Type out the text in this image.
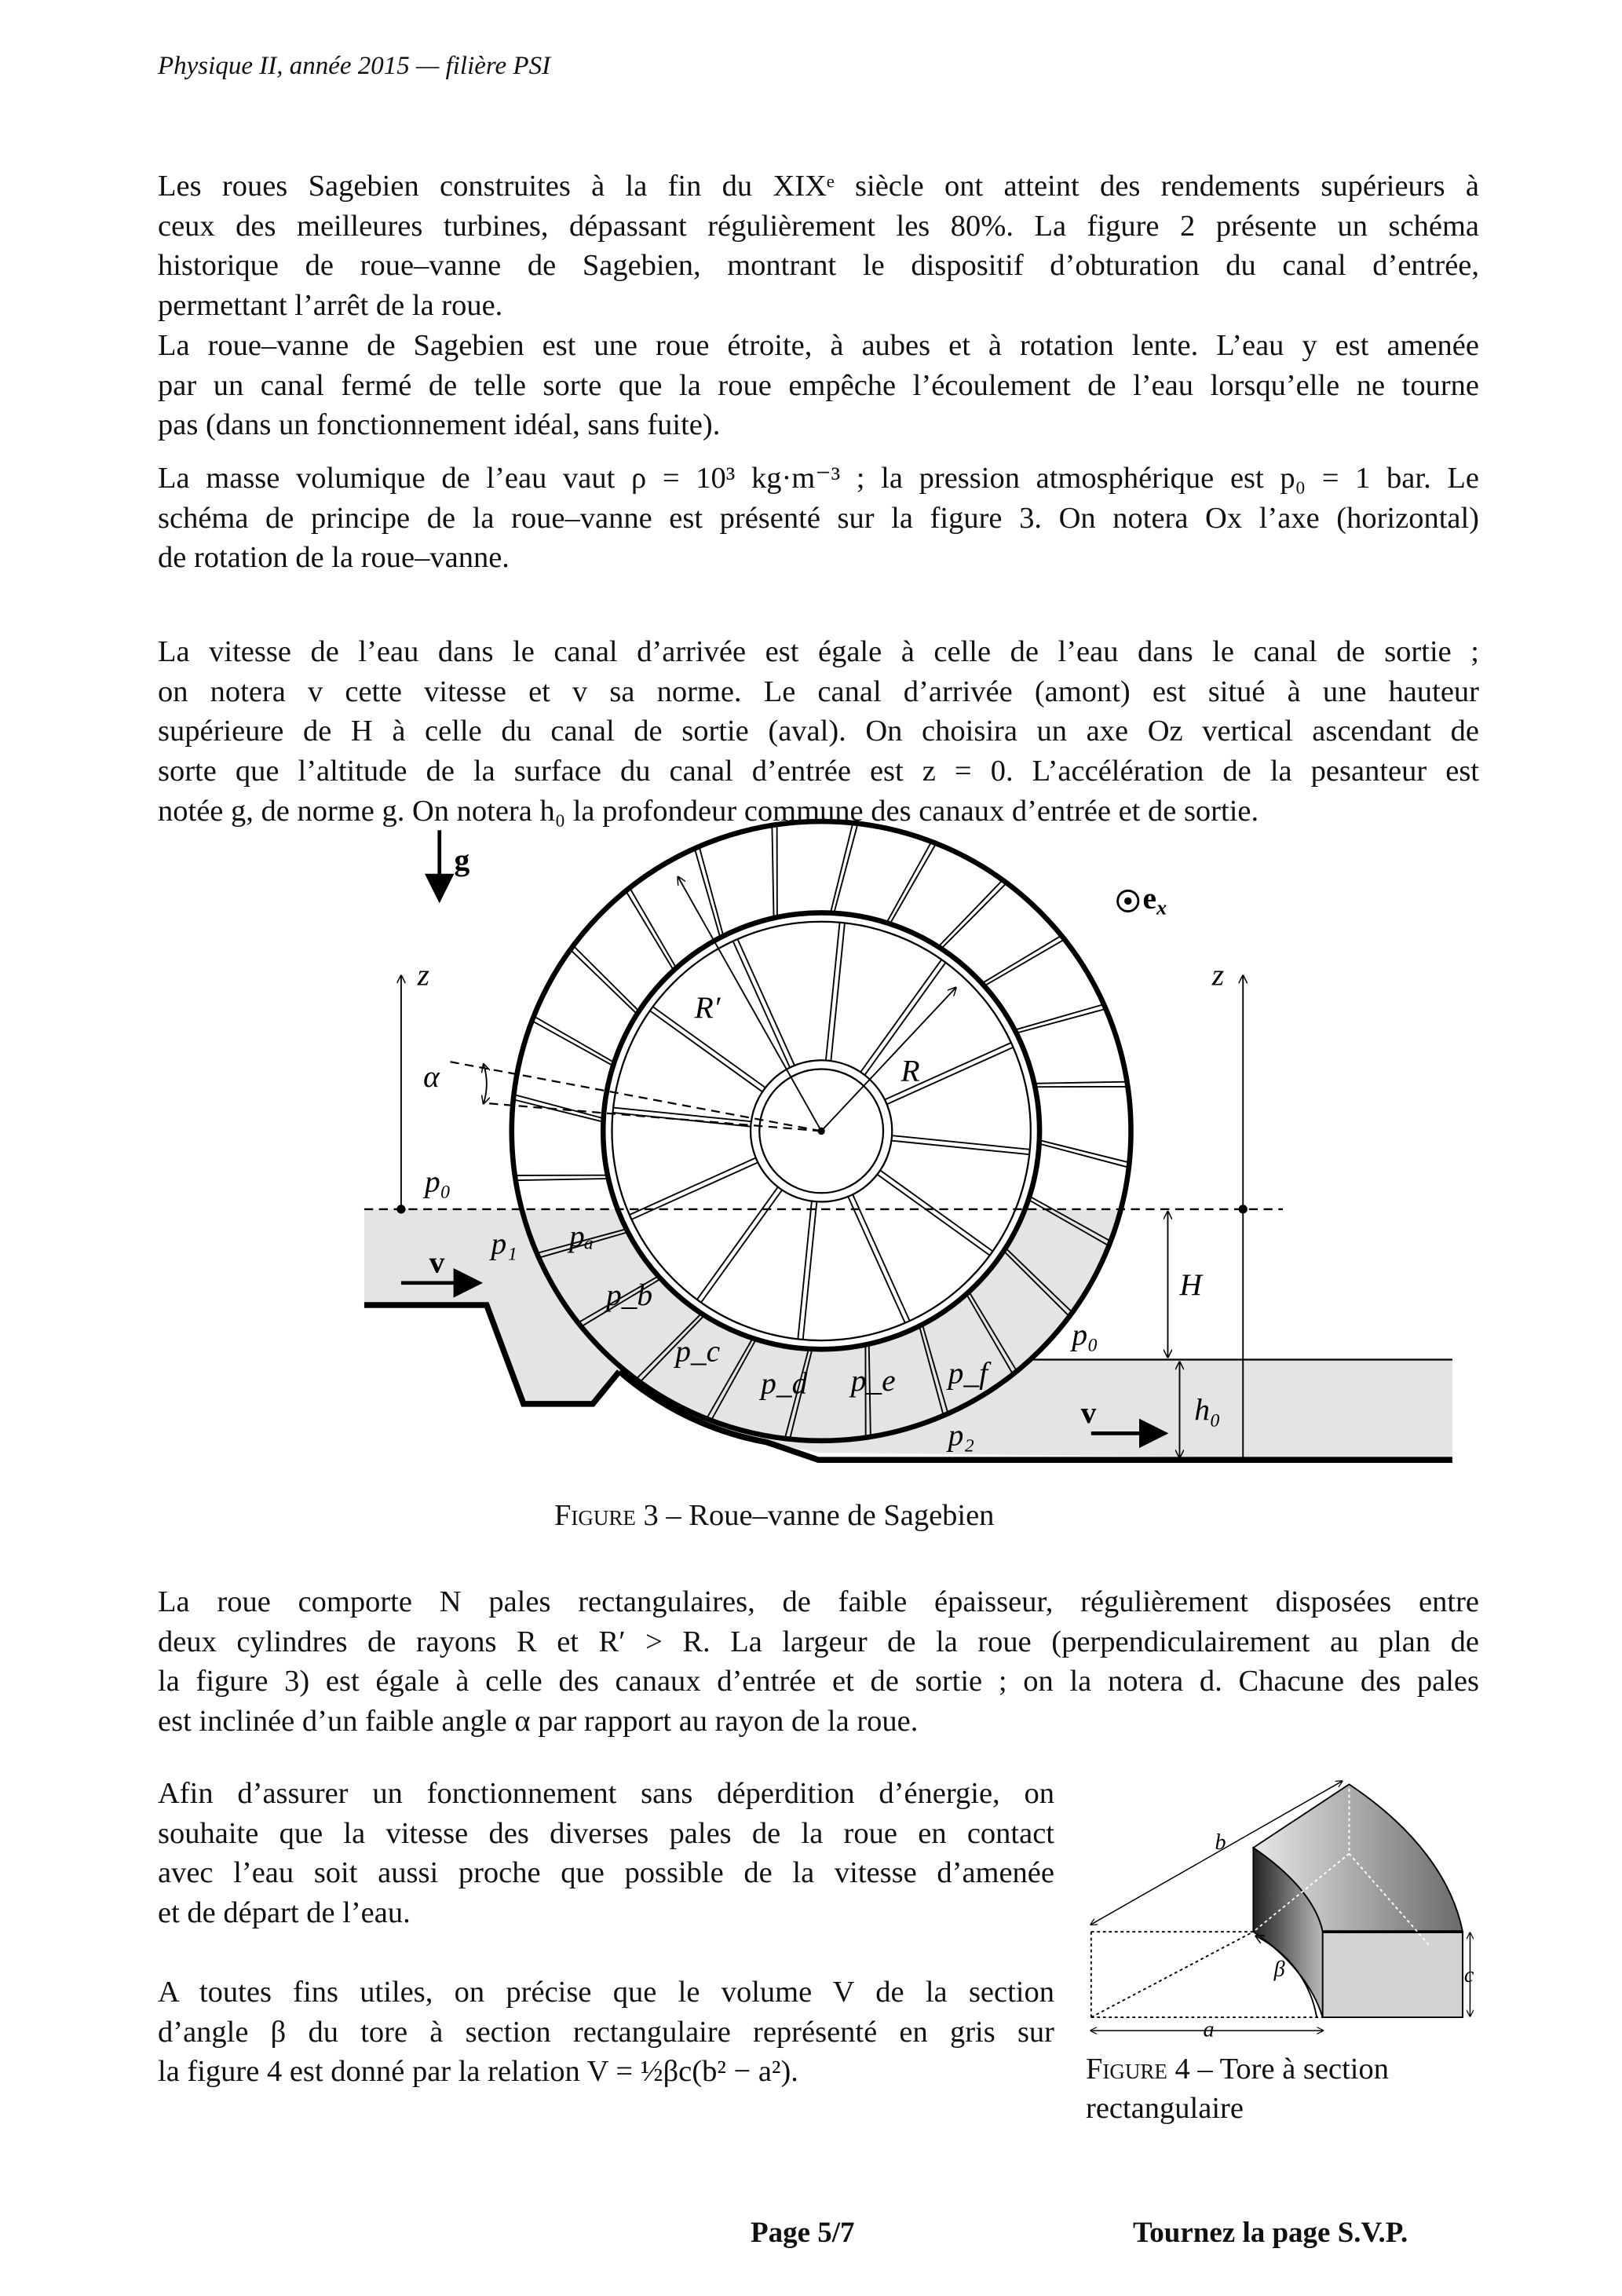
Physique II, année 2015 — filière PSI
Les roues Sagebien construites à la fin du XIXᵉ siècle ont atteint des rendements supérieurs à
ceux des meilleures turbines, dépassant régulièrement les 80%. La figure 2 présente un schéma
historique de roue–vanne de Sagebien, montrant le dispositif d’obturation du canal d’entrée,
permettant l’arrêt de la roue.
La roue–vanne de Sagebien est une roue étroite, à aubes et à rotation lente. L’eau y est amenée
par un canal fermé de telle sorte que la roue empêche l’écoulement de l’eau lorsqu’elle ne tourne
pas (dans un fonctionnement idéal, sans fuite).
La masse volumique de l’eau vaut ρ = 10³ kg·m⁻³ ; la pression atmosphérique est p₀ = 1 bar. Le
schéma de principe de la roue–vanne est présenté sur la figure 3. On notera Ox l’axe (horizontal)
de rotation de la roue–vanne.
La vitesse de l’eau dans le canal d’arrivée est égale à celle de l’eau dans le canal de sortie ;
on notera v cette vitesse et v sa norme. Le canal d’arrivée (amont) est situé à une hauteur
supérieure de H à celle du canal de sortie (aval). On choisira un axe Oz vertical ascendant de
sorte que l’altitude de la surface du canal d’entrée est z = 0. L’accélération de la pesanteur est
notée g, de norme g. On notera h₀ la profondeur commune des canaux d’entrée et de sortie.
La roue comporte N pales rectangulaires, de faible épaisseur, régulièrement disposées entre
deux cylindres de rayons R et R′ > R. La largeur de la roue (perpendiculairement au plan de
la figure 3) est égale à celle des canaux d’entrée et de sortie ; on la notera d. Chacune des pales
est inclinée d’un faible angle α par rapport au rayon de la roue.
Afin d’assurer un fonctionnement sans déperdition d’énergie, on
souhaite que la vitesse des diverses pales de la roue en contact
avec l’eau soit aussi proche que possible de la vitesse d’amenée
et de départ de l’eau.
A toutes fins utiles, on précise que le volume V de la section
d’angle β du tore à section rectangulaire représenté en gris sur
la figure 4 est donné par la relation V = ½βc(b² − a²).
Figure 3 – Roue–vanne de Sagebien
Figure 4 – Tore à section
rectangulaire
Page 5/7	Tournez la page S.V.P.
g
ex
z	z
R′
R
α
p₀
p₁	pₐ
v
p_b	H
p₀
p_c
p_d	p_e	p_f
h₀
v
p₂
b
a
c
β
